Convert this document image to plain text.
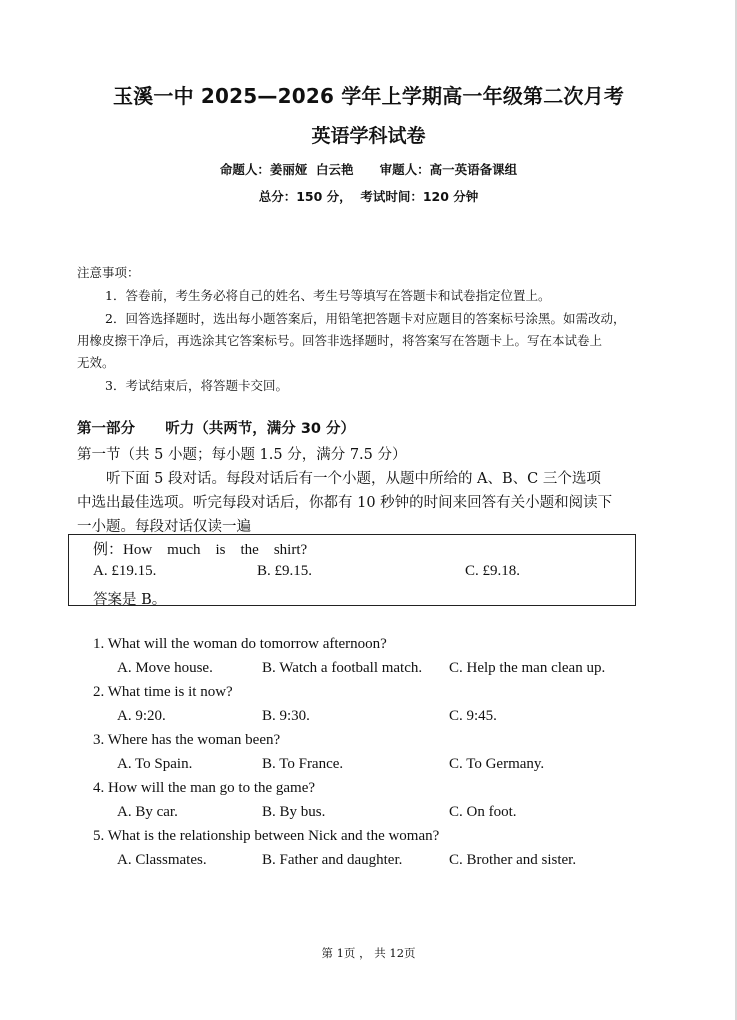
玉溪一中 2025—2026 学年上学期高一年级第二次月考
英语学科试卷
命题人：姜丽娅  白云艳      审题人：高一英语备课组
总分：150 分，  考试时间：120 分钟
注意事项：
1．答卷前，考生务必将自己的姓名、考生号等填写在答题卡和试卷指定位置上。
2．回答选择题时，选出每小题答案后，用铅笔把答题卡对应题目的答案标号涂黑。如需改动，
用橡皮擦干净后，再选涂其它答案标号。回答非选择题时，将答案写在答题卡上。写在本试卷上
无效。
3．考试结束后，将答题卡交回。
第一部分      听力（共两节，满分 30 分）
第一节（共 5 小题；每小题 1.5 分，满分 7.5 分）
听下面 5 段对话。每段对话后有一个小题，从题中所给的 A、B、C 三个选项
中选出最佳选项。听完每段对话后，你都有 10 秒钟的时间来回答有关小题和阅读下
一小题。每段对话仅读一遍
例：How    much    is    the    shirt?
A. £19.15.	B. £9.15.	C. £9.18.
答案是 B。
1. What will the woman do tomorrow afternoon?
A. Move house.	B. Watch a football match. C. Help the man clean up.
2. What time is it now?
A. 9:20.	B. 9:30.	C. 9:45.
3. Where has the woman been?
A. To Spain.	B. To France.	C. To Germany.
4. How will the man go to the game?
A. By car.	B. By bus.	C. On foot.
5. What is the relationship between Nick and the woman?
A. Classmates.	B. Father and daughter.	C. Brother and sister.
第 1页 ， 共 12页
